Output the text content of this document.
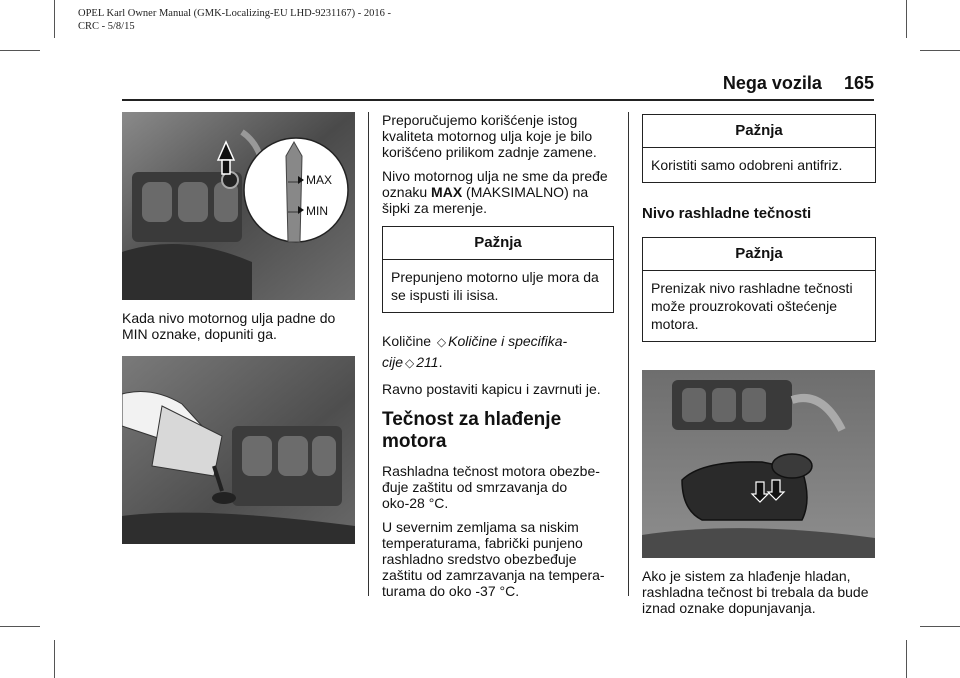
OPEL Karl Owner Manual (GMK-Localizing-EU LHD-9231167) - 2016 -
CRC - 5/8/15
Nega vozila 165
MAX
MIN
Kada nivo motornog ulja padne do
MIN oznake, dopuniti ga.
Preporučujemo korišćenje istog
kvaliteta motornog ulja koje je bilo
korišćeno prilikom zadnje zamene.
Nivo motornog ulja ne sme da pređe
oznaku MAX (MAKSIMALNO) na
šipki za merenje.
Pažnja
Prepunjeno motorno ulje mora da
se ispusti ili isisa.
Količine ◇ Količine i specifika-
cije ◇ 211.
Ravno postaviti kapicu i zavrnuti je.
Tečnost za hlađenje
motora
Rashladna tečnost motora obezbe-
đuje zaštitu od smrzavanja do
oko-28 °C.
U severnim zemljama sa niskim
temperaturama, fabrički punjeno
rashladno sredstvo obezbeđuje
zaštitu od zamrzavanja na tempera-
turama do oko -37 °C.
Pažnja
Koristiti samo odobreni antifriz.
Nivo rashladne tečnosti
Pažnja
Prenizak nivo rashladne tečnosti
može prouzrokovati oštećenje
motora.
Ako je sistem za hlađenje hladan,
rashladna tečnost bi trebala da bude
iznad oznake dopunjavanja.
